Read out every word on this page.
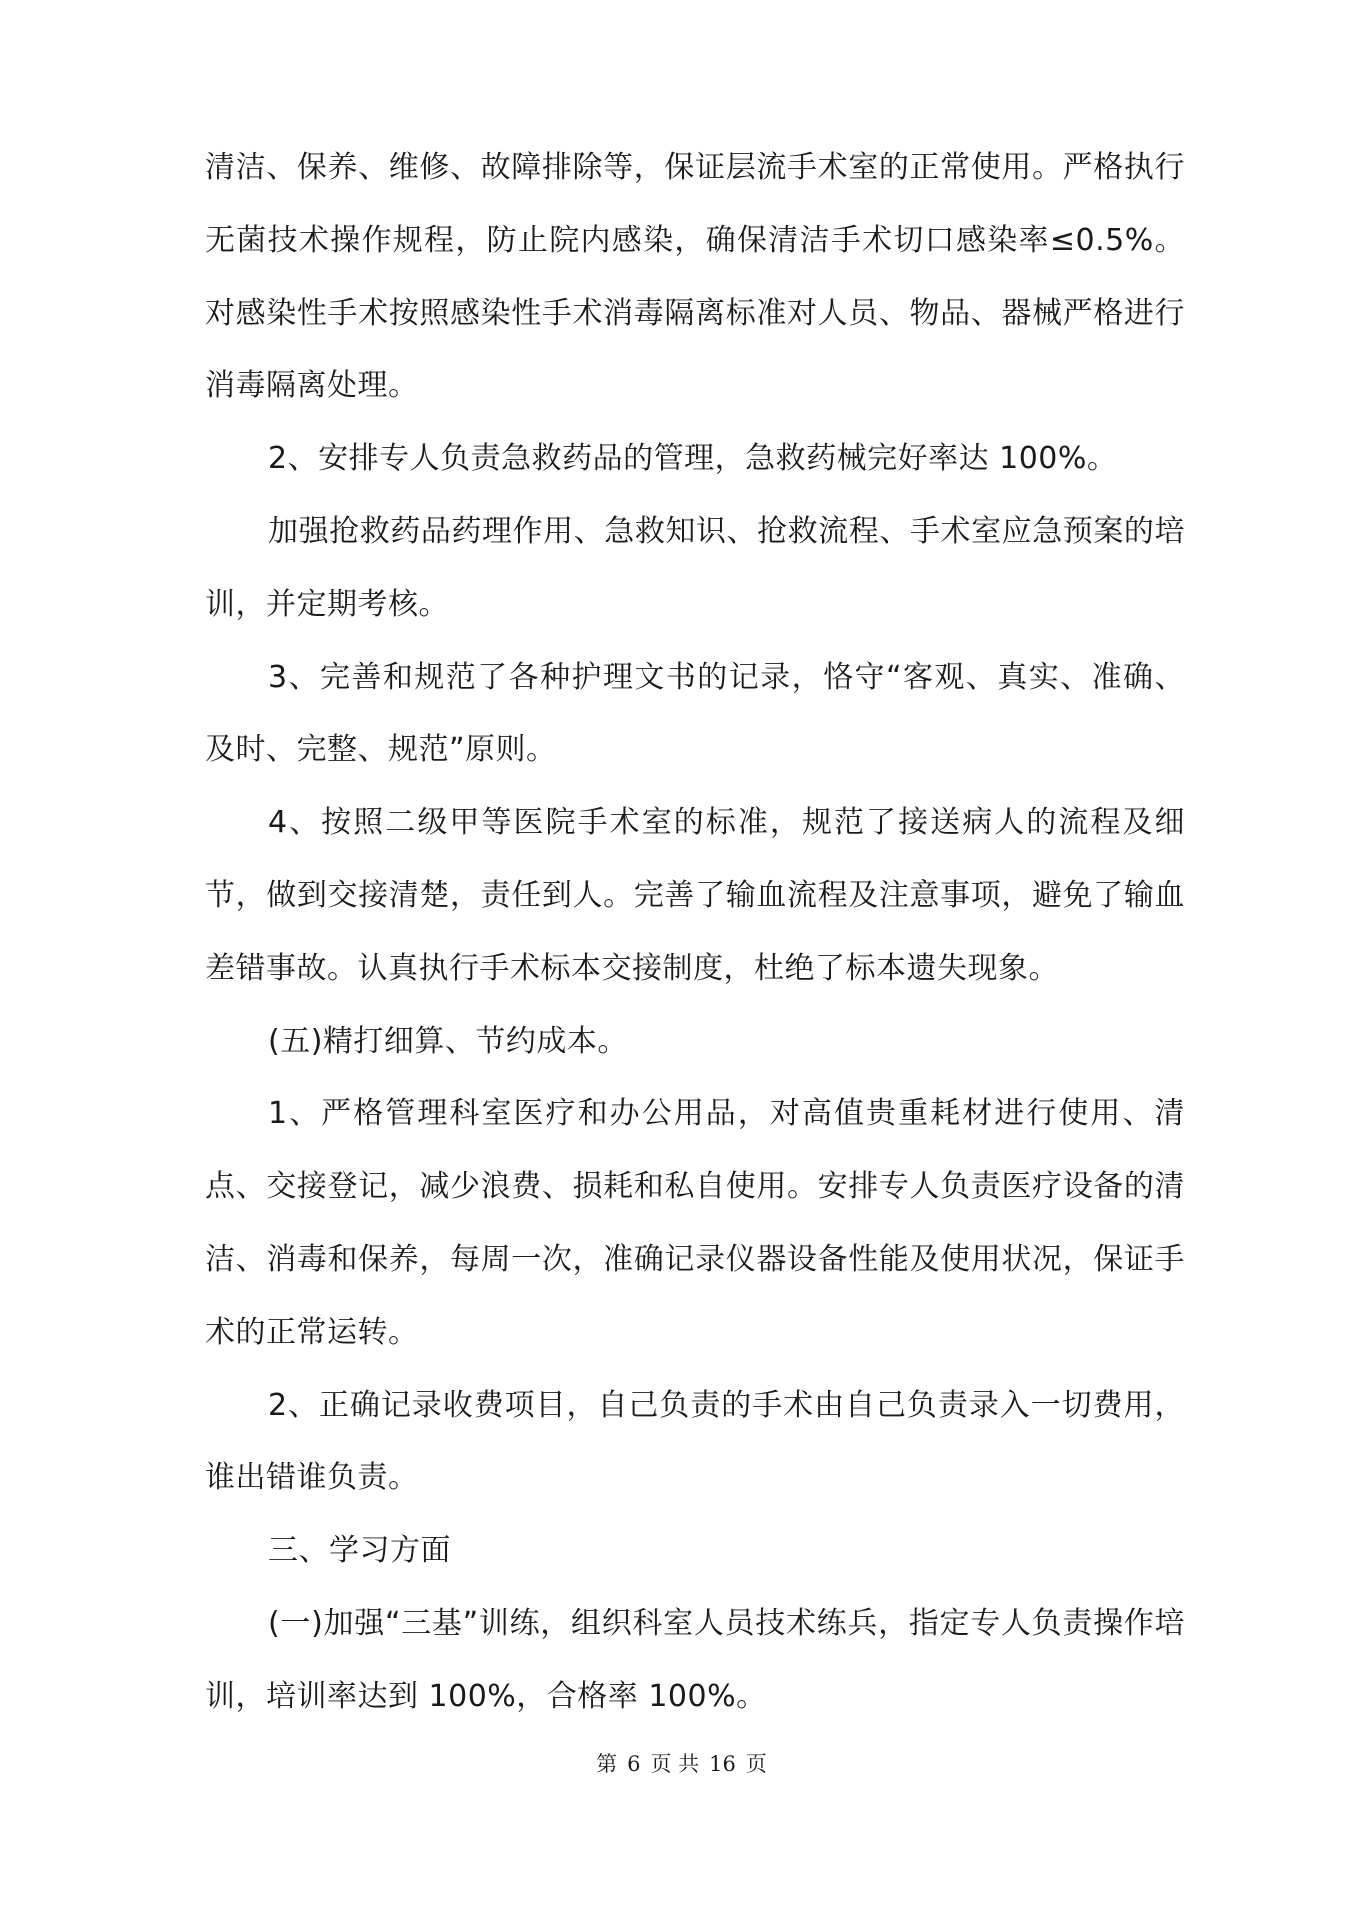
清洁、保养、维修、故障排除等，保证层流手术室的正常使用。严格执行无菌技术操作规程，防止院内感染，确保清洁手术切口感染率≤0.5%。对感染性手术按照感染性手术消毒隔离标准对人员、物品、器械严格进行消毒隔离处理。

2、安排专人负责急救药品的管理，急救药械完好率达 100%。

加强抢救药品药理作用、急救知识、抢救流程、手术室应急预案的培训，并定期考核。

3、完善和规范了各种护理文书的记录，恪守“客观、真实、准确、及时、完整、规范”原则。

4、按照二级甲等医院手术室的标准，规范了接送病人的流程及细节，做到交接清楚，责任到人。完善了输血流程及注意事项，避免了输血差错事故。认真执行手术标本交接制度，杜绝了标本遗失现象。

(五)精打细算、节约成本。

1、严格管理科室医疗和办公用品，对高值贵重耗材进行使用、清点、交接登记，减少浪费、损耗和私自使用。安排专人负责医疗设备的清洁、消毒和保养，每周一次，准确记录仪器设备性能及使用状况，保证手术的正常运转。

2、正确记录收费项目，自己负责的手术由自己负责录入一切费用，谁出错谁负责。

三、学习方面

(一)加强“三基”训练，组织科室人员技术练兵，指定专人负责操作培训，培训率达到 100%，合格率 100%。

第 6 页 共 16 页
